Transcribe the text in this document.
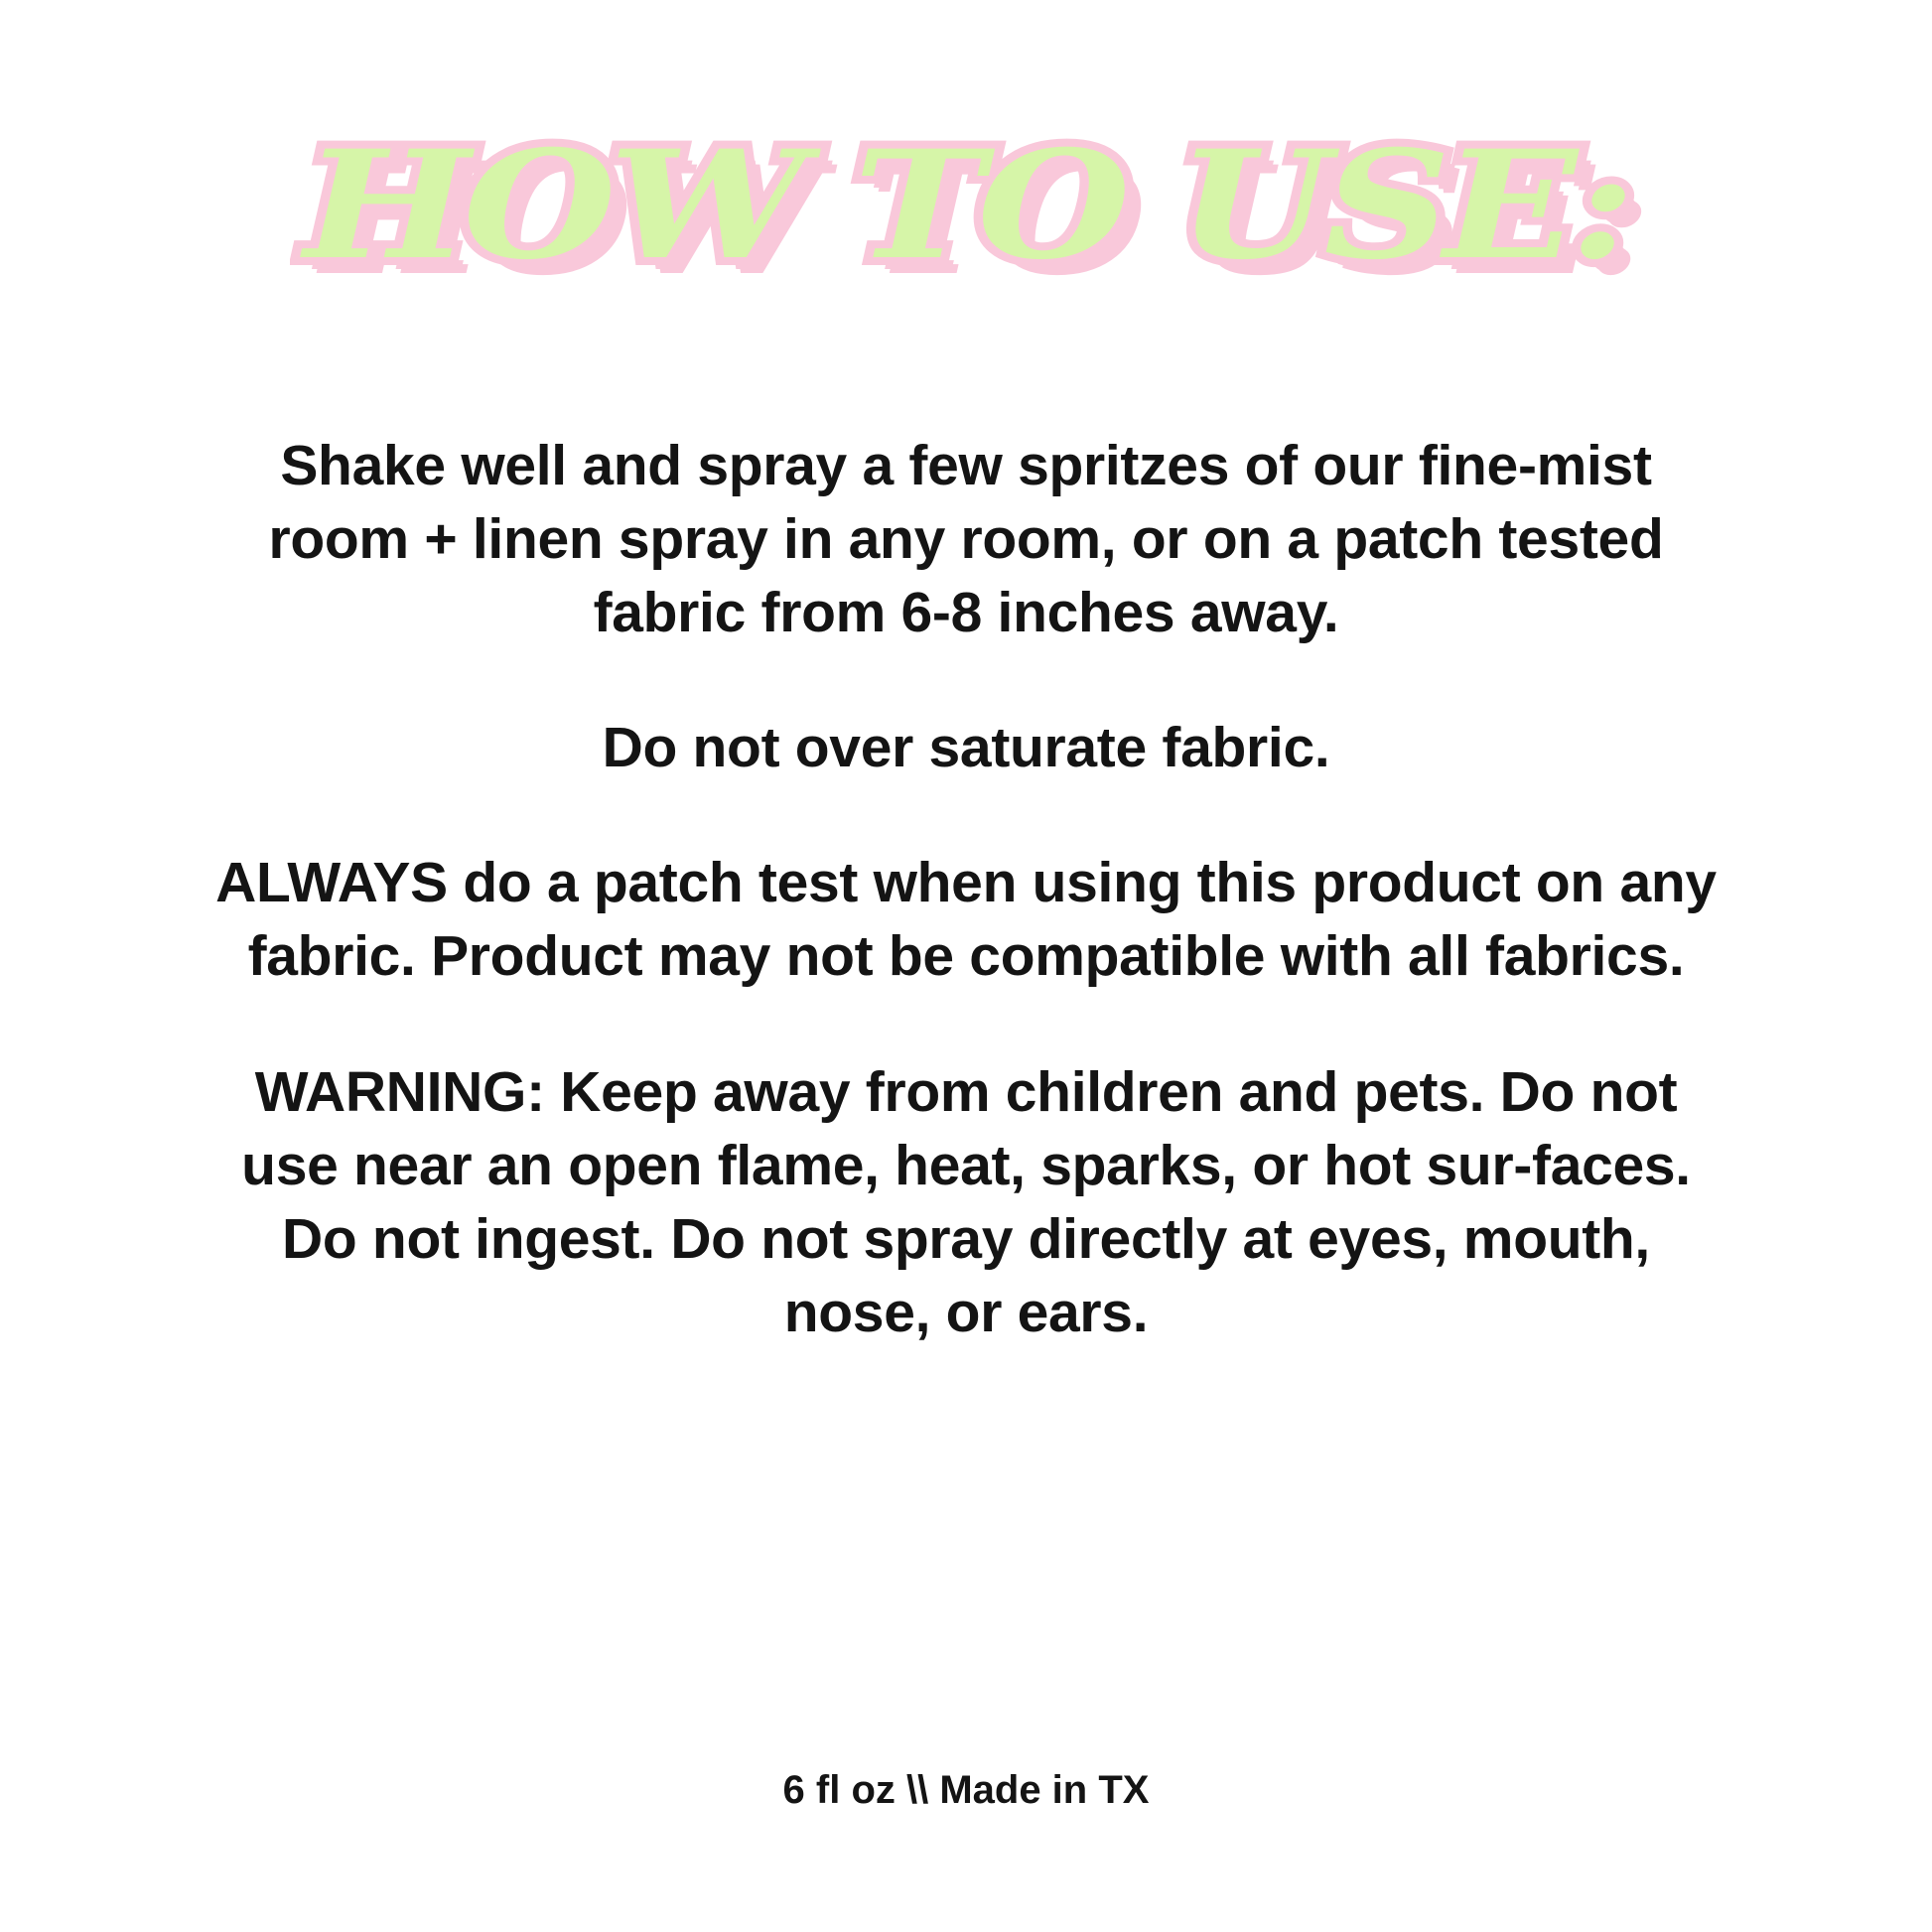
HOW TO USE:

Shake well and spray a few spritzes of our fine-mist room + linen spray in any room, or on a patch tested fabric from 6-8 inches away.

Do not over saturate fabric.

ALWAYS do a patch test when using this product on any fabric. Product may not be compatible with all fabrics.

WARNING: Keep away from children and pets. Do not use near an open flame, heat, sparks, or hot sur-faces. Do not ingest. Do not spray directly at eyes, mouth, nose, or ears.

6 fl oz \\ Made in TX
